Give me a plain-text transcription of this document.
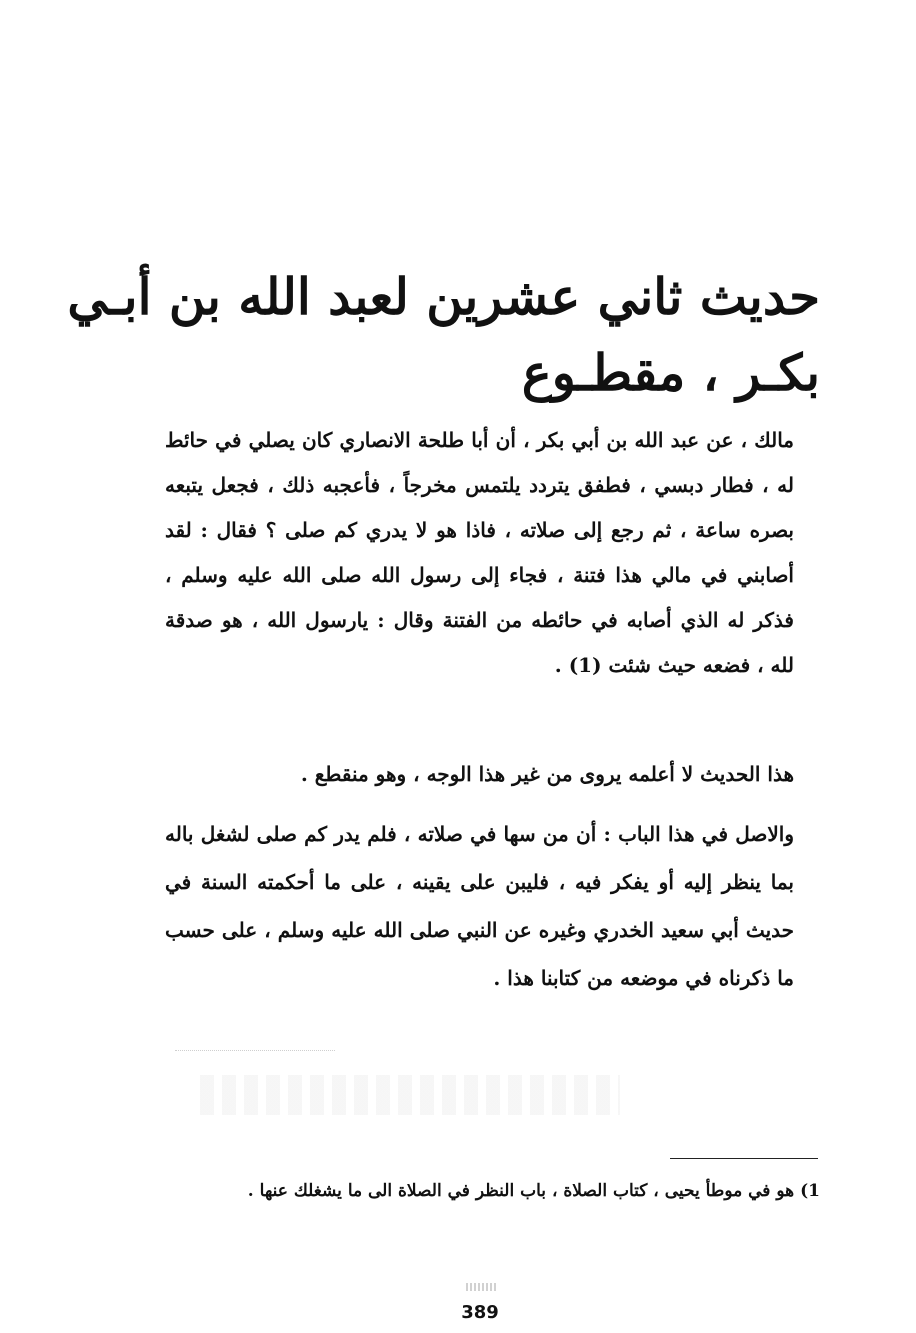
حديث ثاني عشرين لعبد الله بن أبـي
بكـر ، مقطـوع

مالك ، عن عبد الله بن أبي بكر ، أن أبا طلحة الانصاري كان يصلي في حائط له ، فطار دبسي ، فطفق يتردد يلتمس مخرجاً ، فأعجبه ذلك ، فجعل يتبعه بصره ساعة ، ثم رجع إلى صلاته ، فاذا هو لا يدري كم صلى ؟ فقال : لقد أصابني في مالي هذا فتنة ، فجاء إلى رسول الله صلى الله عليه وسلم ، فذكر له الذي أصابه في حائطه من الفتنة وقال : يارسول الله ، هو صدقة لله ، فضعه حيث شئت (1) .

هذا الحديث لا أعلمه يروى من غير هذا الوجه ، وهو منقطع .

والاصل في هذا الباب : أن من سها في صلاته ، فلم يدر كم صلى لشغل باله بما ينظر إليه أو يفكر فيه ، فليبن على يقينه ، على ما أحكمته السنة في حديث أبي سعيد الخدري وغيره عن النبي صلى الله عليه وسلم ، على حسب ما ذكرناه في موضعه من كتابنا هذا .

1)هو في موطأ يحيى ، كتاب الصلاة ، باب النظر في الصلاة الى ما يشغلك عنها .

389
